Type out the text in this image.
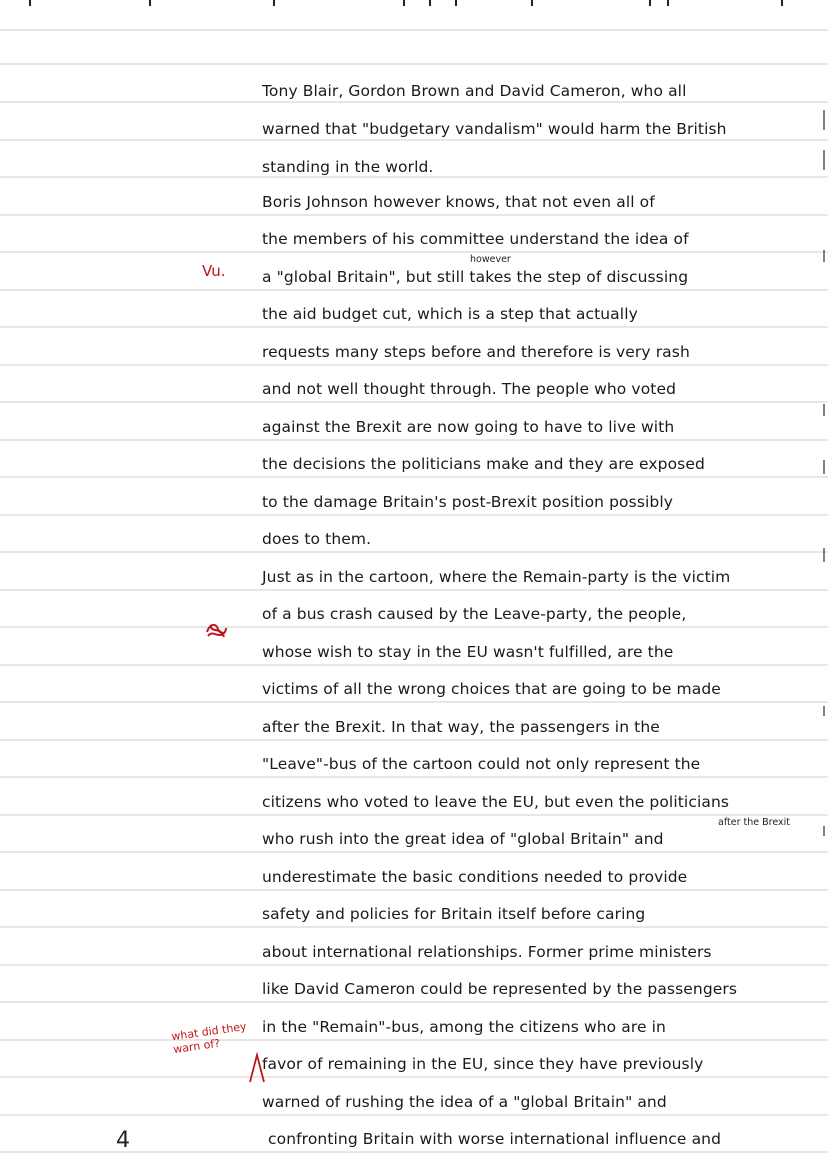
Tony Blair, Gordon Brown and David Cameron, who all
warned that "budgetary vandalism" would harm the British
standing in the world.
Boris Johnson however knows, that not even all of
the members of his committee understand the idea of
a "global Britain", but still takes the step of discussing
the aid budget cut, which is a step that actually
requests many steps before and therefore is very rash
and not well thought through. The people who voted
against the Brexit are now going to have to live with
the decisions the politicians make and they are exposed
to the damage Britain's post-Brexit position possibly
does to them.
Just as in the cartoon, where the Remain-party is the victim
of a bus crash caused by the Leave-party, the people,
whose wish to stay in the EU wasn't fulfilled, are the
victims of all the wrong choices that are going to be made
after the Brexit. In that way, the passengers in the
"Leave"-bus of the cartoon could not only represent the
citizens who voted to leave the EU, but even the politicians
who rush into the great idea of "global Britain" and
underestimate the basic conditions needed to provide
safety and policies for Britain itself before caring
about international relationships. Former prime ministers
like David Cameron could be represented by the passengers
in the "Remain"-bus, among the citizens who are in
favor of remaining in the EU, since they have previously
warned of rushing the idea of a "global Britain" and
confronting Britain with worse international influence and
however
after the Brexit
Vu.
what did they warn of?
4
